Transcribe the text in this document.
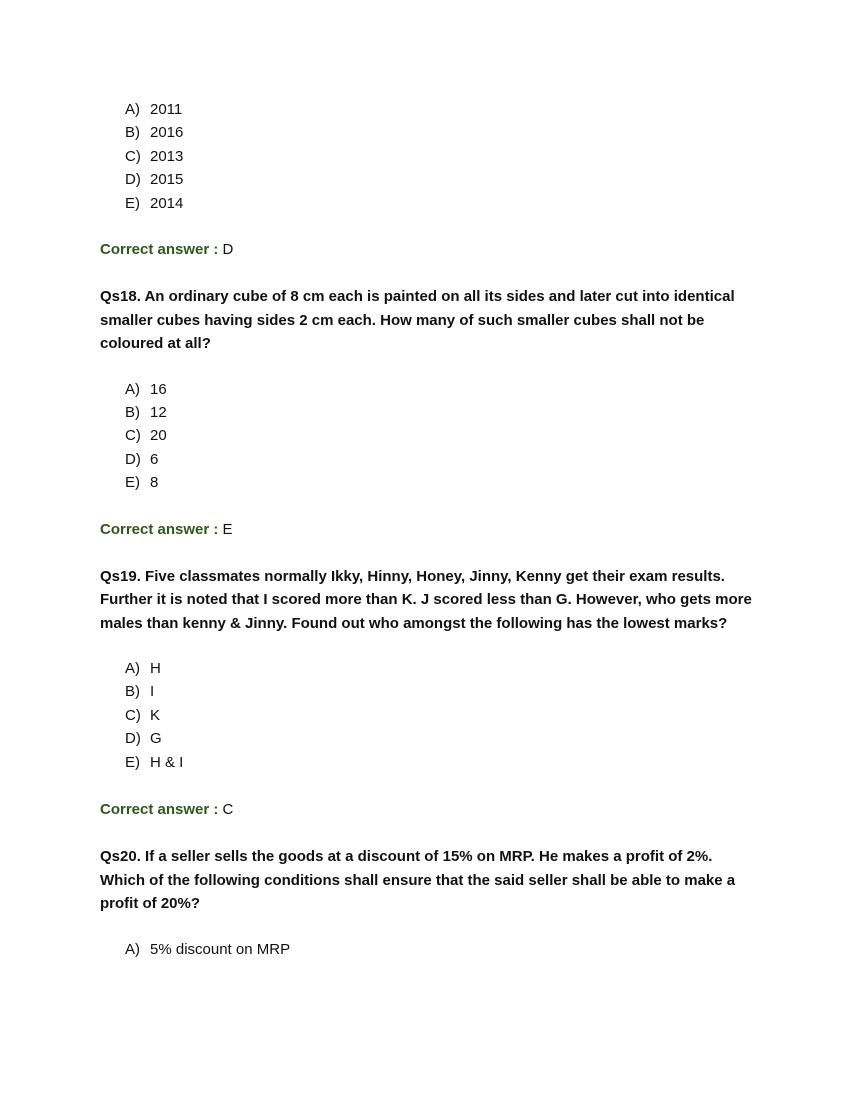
A) 2011
B) 2016
C) 2013
D) 2015
E) 2014
Correct answer : D
Qs18. An ordinary cube of 8 cm each is painted on all its sides and later cut into identical smaller cubes having sides 2 cm each. How many of such smaller cubes shall not be coloured at all?
A) 16
B) 12
C) 20
D) 6
E) 8
Correct answer : E
Qs19. Five classmates normally Ikky, Hinny, Honey, Jinny, Kenny get their exam results. Further it is noted that I scored more than K. J scored less than G. However, who gets more males than kenny & Jinny. Found out who amongst the following has the lowest marks?
A) H
B) I
C) K
D) G
E) H & I
Correct answer : C
Qs20. If a seller sells the goods at a discount of 15% on MRP. He makes a profit of 2%. Which of the following conditions shall ensure that the said seller shall be able to make a profit of 20%?
A) 5% discount on MRP
